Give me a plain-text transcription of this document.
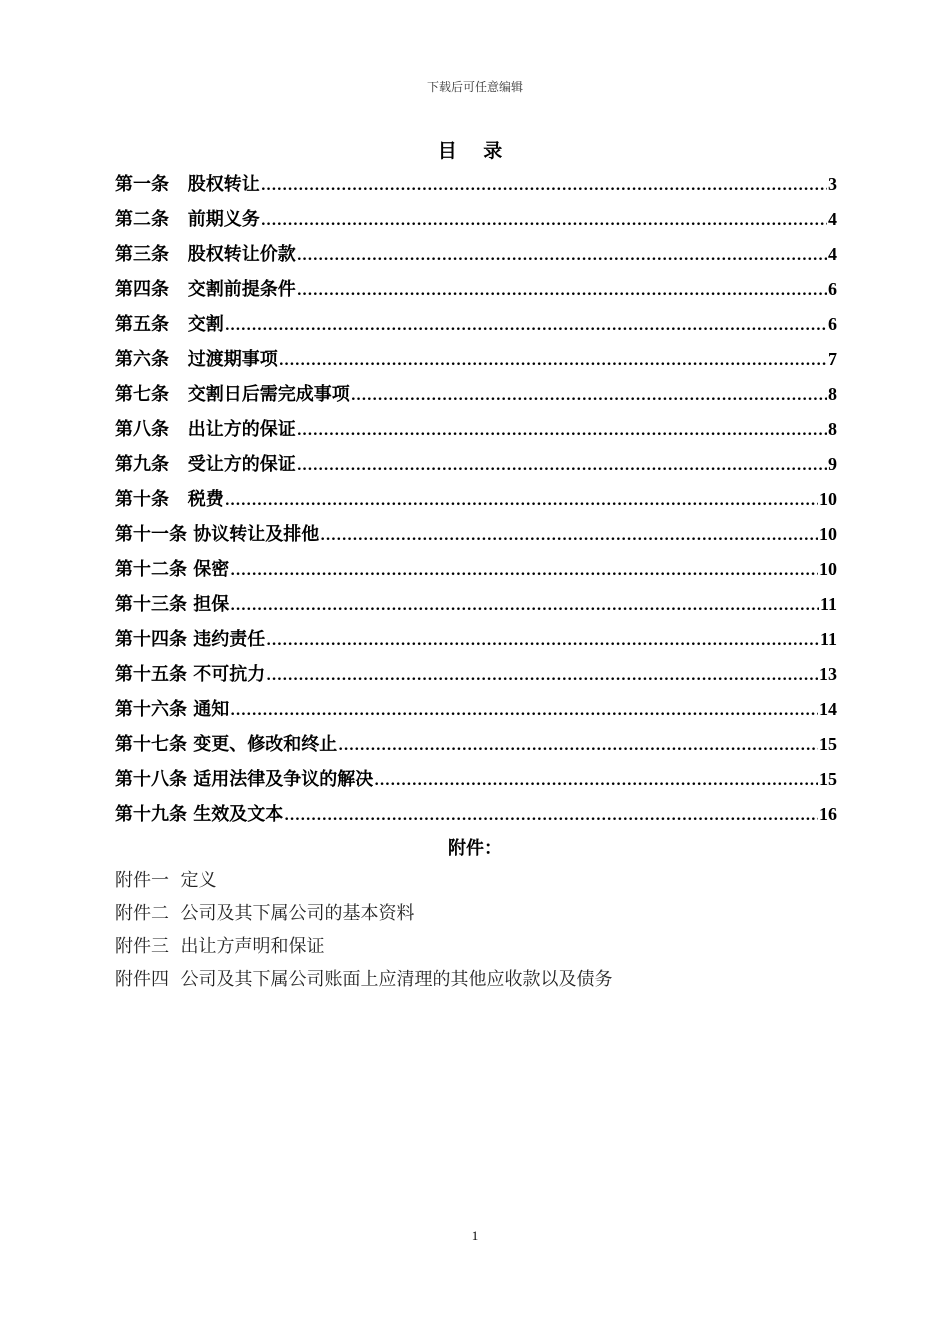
下载后可任意编辑
目 录
第一条   股权转让 .....	3
第二条   前期义务 .....	4
第三条   股权转让价款 .....	4
第四条   交割前提条件 .....	6
第五条   交割 .....	6
第六条   过渡期事项 .....	7
第七条   交割日后需完成事项 .....	8
第八条   出让方的保证 .....	8
第九条   受让方的保证 .....	9
第十条   税费 .....	10
第十一条 协议转让及排他 .....	10
第十二条 保密 .....	10
第十三条 担保 .....	11
第十四条 违约责任 .....	11
第十五条 不可抗力 .....	13
第十六条 通知 .....	14
第十七条 变更、修改和终止 .....	15
第十八条 适用法律及争议的解决 .....	15
第十九条 生效及文本 .....	16
附件：
附件一  定义
附件二  公司及其下属公司的基本资料
附件三  出让方声明和保证
附件四  公司及其下属公司账面上应清理的其他应收款以及债务
1
